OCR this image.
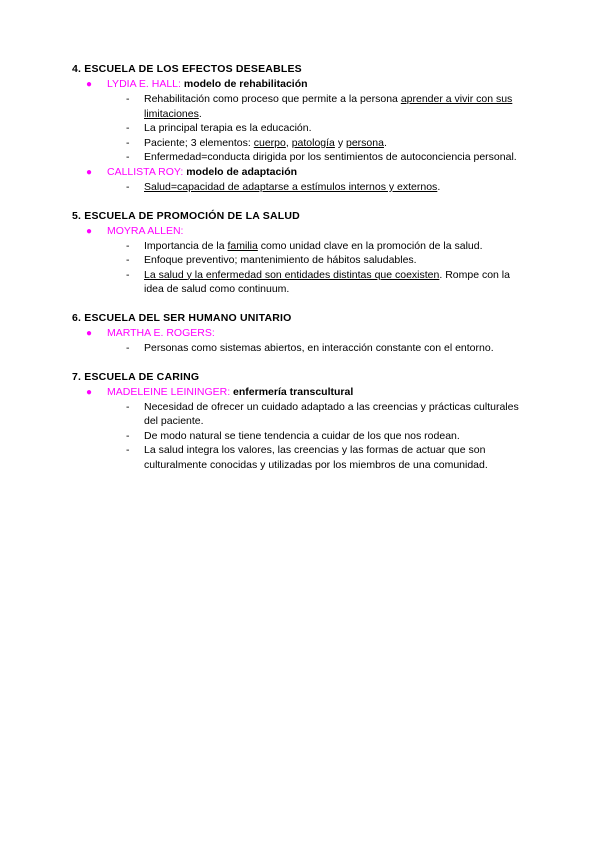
4. ESCUELA DE LOS EFECTOS DESEABLES
● LYDIA E. HALL: modelo de rehabilitación
- Rehabilitación como proceso que permite a la persona aprender a vivir con sus limitaciones.
- La principal terapia es la educación.
- Paciente; 3 elementos: cuerpo, patología y persona.
- Enfermedad=conducta dirigida por los sentimientos de autoconciencia personal.
● CALLISTA ROY: modelo de adaptación
- Salud=capacidad de adaptarse a estímulos internos y externos.
5. ESCUELA DE PROMOCIÓN DE LA SALUD
● MOYRA ALLEN:
- Importancia de la familia como unidad clave en la promoción de la salud.
- Enfoque preventivo; mantenimiento de hábitos saludables.
- La salud y la enfermedad son entidades distintas que coexisten. Rompe con la idea de salud como continuum.
6. ESCUELA DEL SER HUMANO UNITARIO
● MARTHA E. ROGERS:
- Personas como sistemas abiertos, en interacción constante con el entorno.
7. ESCUELA DE CARING
● MADELEINE LEININGER: enfermería transcultural
- Necesidad de ofrecer un cuidado adaptado a las creencias y prácticas culturales del paciente.
- De modo natural se tiene tendencia a cuidar de los que nos rodean.
- La salud integra los valores, las creencias y las formas de actuar que son culturalmente conocidas y utilizadas por los miembros de una comunidad.
